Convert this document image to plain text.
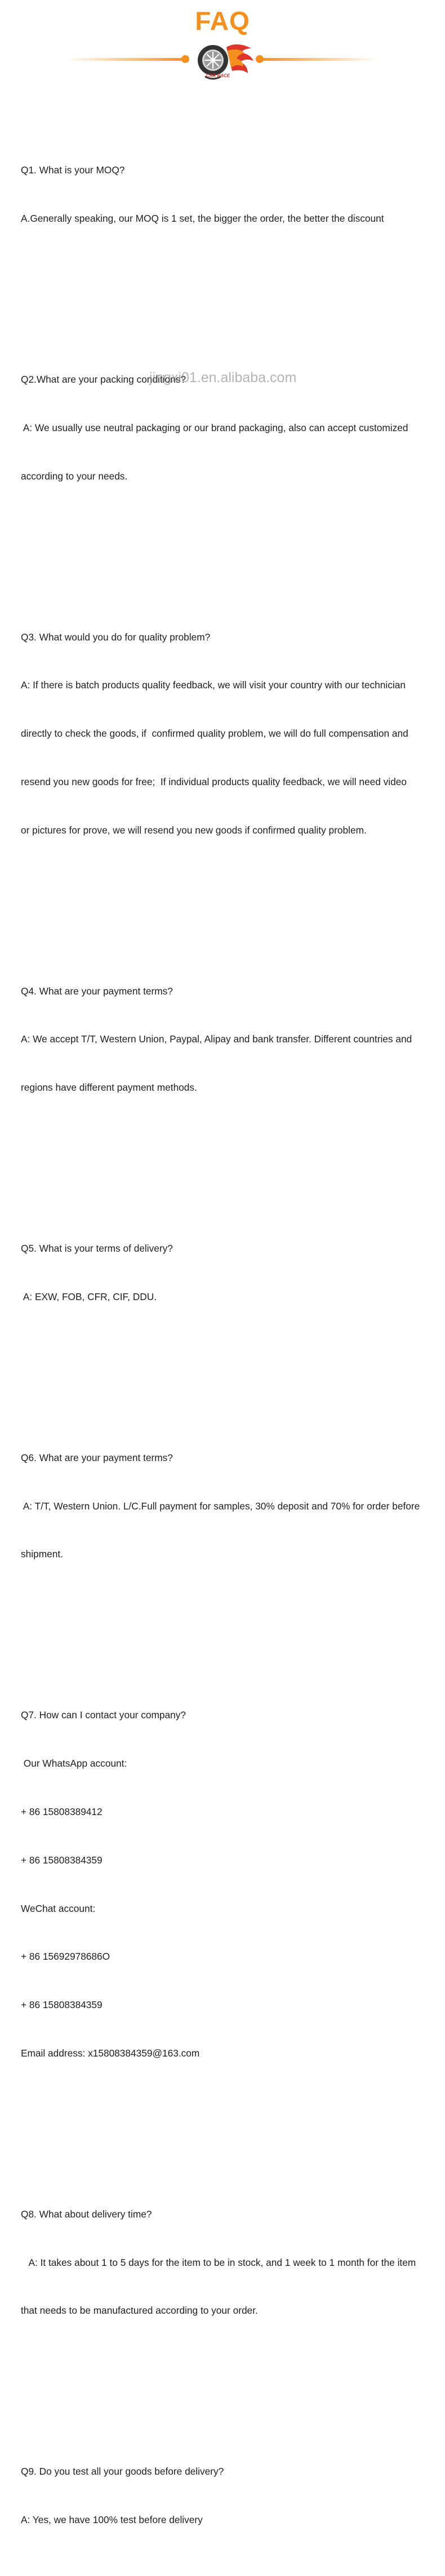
FAQ
CAR RACE

Q1. What is your MOQ?

A.Generally speaking, our MOQ is 1 set, the bigger the order, the better the discount

Q2.What are your packing conditions?

A: We usually use neutral packaging or our brand packaging, also can accept customized

according to your needs.

Q3. What would you do for quality problem?

A: If there is batch products quality feedback, we will visit your country with our technician

directly to check the goods, if  confirmed quality problem, we will do full compensation and

resend you new goods for free;  If individual products quality feedback, we will need video

or pictures for prove, we will resend you new goods if confirmed quality problem.

Q4. What are your payment terms?

A: We accept T/T, Western Union, Paypal, Alipay and bank transfer. Different countries and

regions have different payment methods.

Q5. What is your terms of delivery?

A: EXW, FOB, CFR, CIF, DDU.

Q6. What are your payment terms?

A: T/T, Western Union. L/C.Full payment for samples, 30% deposit and 70% for order before

shipment.

Q7. How can I contact your company?

Our WhatsApp account:

+ 86 15808389412

+ 86 15808384359

WeChat account:

+ 86 15692978686O

+ 86 15808384359

Email address: x15808384359@163.com

Q8. What about delivery time?

A: It takes about 1 to 5 days for the item to be in stock, and 1 week to 1 month for the item

that needs to be manufactured according to your order.

Q9. Do you test all your goods before delivery?

A: Yes, we have 100% test before delivery

jingxi01.en.alibaba.com
